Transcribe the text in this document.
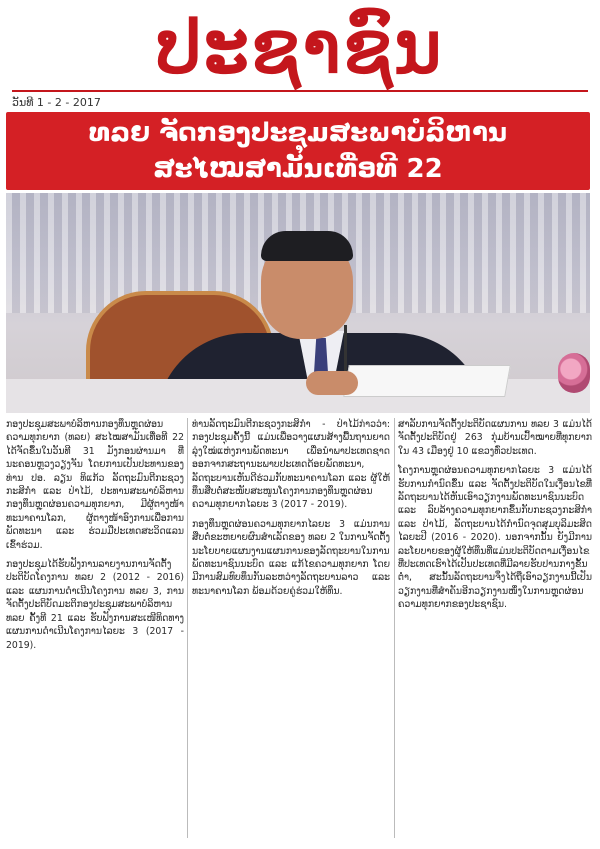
ປະຊາຊົນ
ວັນທີ 1 - 2 - 2017
ທລຍ ຈັດກອງປະຊຸມສະພາບໍລິຫານ
ສະໄໝສາມັນເທື່ອທີ 22

ກອງປະຊຸມສະພາບໍລິຫານກອງທຶນຫຼຸດຜ່ອນຄວາມທຸກຍາກ (ທລຍ) ສະໄໝສາມັນເທື່ອທີ 22 ໄດ້ຈັດຂຶ້ນໃນວັນທີ 31 ມັງກອນຜ່ານມາ ທີ່ນະຄອນຫຼວງວຽງຈັນ ໂດຍການເປັນປະທານຂອງ ທ່ານ ປອ. ລຽນ ທິແກ້ວ ລັດຖະມົນຕີກະຊວງກະສິກຳ ແລະ ປ່າໄມ້, ປະທານສະພາບໍລິຫານກອງທຶນຫຼຸດຜ່ອນຄວາມທຸກຍາກ, ມີຜູ້ຕາງໜ້າທະນາຄານໂລກ, ຜູ້ຕາງໜ້າອົງການເພື່ອການພັດທະນາ ແລະ ຮ່ວມມືປະເທດສະວິດແລນເຂົ້າຮ່ວມ.

ກອງປະຊຸມໄດ້ຮັບຟັງການລາຍງານການຈັດຕັ້ງປະຕິບັດໂຄງການ ທລຍ 2 (2012 - 2016) ແລະ ແຜນການດຳເນີນໂຄງການ ທລຍ 3, ການຈັດຕັ້ງປະຕິບັດມະຕິກອງປະຊຸມສະພາບໍລິຫານ ທລຍ ຄັ້ງທີ 21 ແລະ ຮັບຟັງການສະເໜີທິດທາງແຜນການດຳເນີນໂຄງການໄລຍະ 3 (2017 - 2019).

ທ່ານລັດຖະມົນຕີກະຊວງກະສິກຳ - ປ່າໄມ້ກ່າວວ່າ: ກອງປະຊຸມຄັ້ງນີ້ ແມ່ນເພື່ອວາງແຜນສ້າງພື້ນຖານຍາດລຸ່ງໃໝ່ແຫ່ງການພັດທະນາ ເພື່ອນຳພາປະເທດຊາດອອກຈາກສະຖານະພາບປະເທດດ້ອຍພັດທະນາ, ລັດຖະບານເຫັນດີຮ່ວມກັບທະນາຄານໂລກ ແລະ ຜູ້ໃຫ້ທຶນສືບຕໍ່ສະໜັບສະໜູນໂຄງການກອງທຶນຫຼຸດຜ່ອນຄວາມທຸກຍາກໄລຍະ 3 (2017 - 2019).

ກອງທຶນຫຼຸດຜ່ອນຄວາມທຸກຍາກໄລຍະ 3 ແມ່ນການສືບຕໍ່ຂະຫຍາຍຜົນສຳເລັດຂອງ ທລຍ 2 ໃນການຈັດຕັ້ງນະໂຍບາຍແຜນງານແຜນການຂອງລັດຖະບານໃນການພັດທະນາຊົນນະບົດ ແລະ ແກ້ໄຂຄວາມທຸກຍາກ ໂດຍມີການສົມທົບທຶນກັນລະຫວ່າງລັດຖະບານລາວ ແລະ ທະນາຄານໂລກ ພ້ອມດ້ວຍຄູ່ຮ່ວມໃຫ້ທຶນ.

ສາລັບການຈັດຕັ້ງປະຕິບັດແຜນການ ທລຍ 3 ແມ່ນໄດ້ຈັດຕັ້ງປະຕິບັດຢູ່ 263 ກຸ່ມບ້ານເປົ້າໝາຍທີ່ທຸກຍາກໃນ 43 ເມືອງຢູ່ 10 ແຂວງທົ່ວປະເທດ.

ໂຄງການຫຼຸດຜ່ອນຄວາມທຸກຍາກໄລຍະ 3 ແມ່ນໄດ້ຮັບການກຳນົດຂຶ້ນ ແລະ ຈັດຕັ້ງປະຕິບັດໃນເງື່ອນໄຂທີ່ລັດຖະບານໄດ້ຫັນເອົາວຽກງານພັດທະນາຊົນນະບົດ ແລະ ລົບລ້າງຄວາມທຸກຍາກຂຶ້ນກັບກະຊວງກະສິກຳ ແລະ ປ່າໄມ້, ລັດຖະບານໄດ້ກຳນົດຈຸດສຸມບຸລິມະສິດໄລຍະປີ (2016 - 2020). ນອກຈາກນັ້ນ ຍັງມີການລະໂຍບາຍຂອງຜູ້ໃຫ້ທຶນທີ່ແມ່ນປະຕິບັດຕາມເງື່ອນໄຂທີ່ປະເທດເຮົາໄດ້ເປັນປະເທດທີ່ມີລາຍຮັບປານກາງຂັ້ນຕ່ຳ, ສະນັ້ນລັດຖະບານຈຶ່ງໄດ້ຖືເອົາວຽກງານນີ້ເປັນວຽກງານທີ່ສຳຄັນອີກວຽກງານໜຶ່ງໃນການຫຼຸດຜ່ອນຄວາມທຸກຍາກຂອງປະຊາຊົນ.
